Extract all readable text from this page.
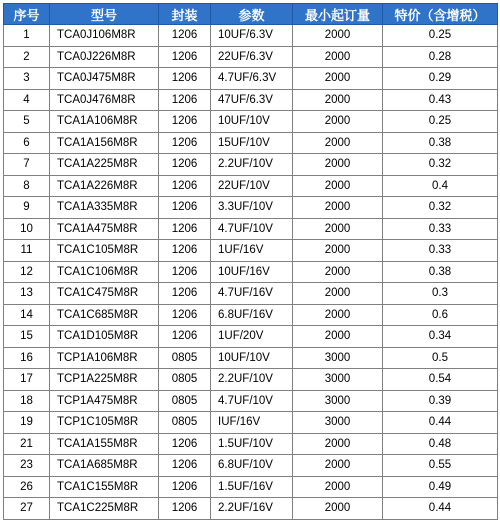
序号	型号	封装	参数	最小起订量	特价（含增税）
1	TCA0J106M8R	1206	10UF/6.3V	2000	0.25
2	TCA0J226M8R	1206	22UF/6.3V	2000	0.28
3	TCA0J475M8R	1206	4.7UF/6.3V	2000	0.29
4	TCA0J476M8R	1206	47UF/6.3V	2000	0.43
5	TCA1A106M8R	1206	10UF/10V	2000	0.25
6	TCA1A156M8R	1206	15UF/10V	2000	0.38
7	TCA1A225M8R	1206	2.2UF/10V	2000	0.32
8	TCA1A226M8R	1206	22UF/10V	2000	0.4
9	TCA1A335M8R	1206	3.3UF/10V	2000	0.32
10	TCA1A475M8R	1206	4.7UF/10V	2000	0.33
11	TCA1C105M8R	1206	1UF/16V	2000	0.33
12	TCA1C106M8R	1206	10UF/16V	2000	0.38
13	TCA1C475M8R	1206	4.7UF/16V	2000	0.3
14	TCA1C685M8R	1206	6.8UF/16V	2000	0.6
15	TCA1D105M8R	1206	1UF/20V	2000	0.34
16	TCP1A106M8R	0805	10UF/10V	3000	0.5
17	TCP1A225M8R	0805	2.2UF/10V	3000	0.54
18	TCP1A475M8R	0805	4.7UF/10V	3000	0.39
19	TCP1C105M8R	0805	IUF/16V	3000	0.44
21	TCA1A155M8R	1206	1.5UF/10V	2000	0.48
23	TCA1A685M8R	1206	6.8UF/10V	2000	0.55
26	TCA1C155M8R	1206	1.5UF/16V	2000	0.49
27	TCA1C225M8R	1206	2.2UF/16V	2000	0.44
